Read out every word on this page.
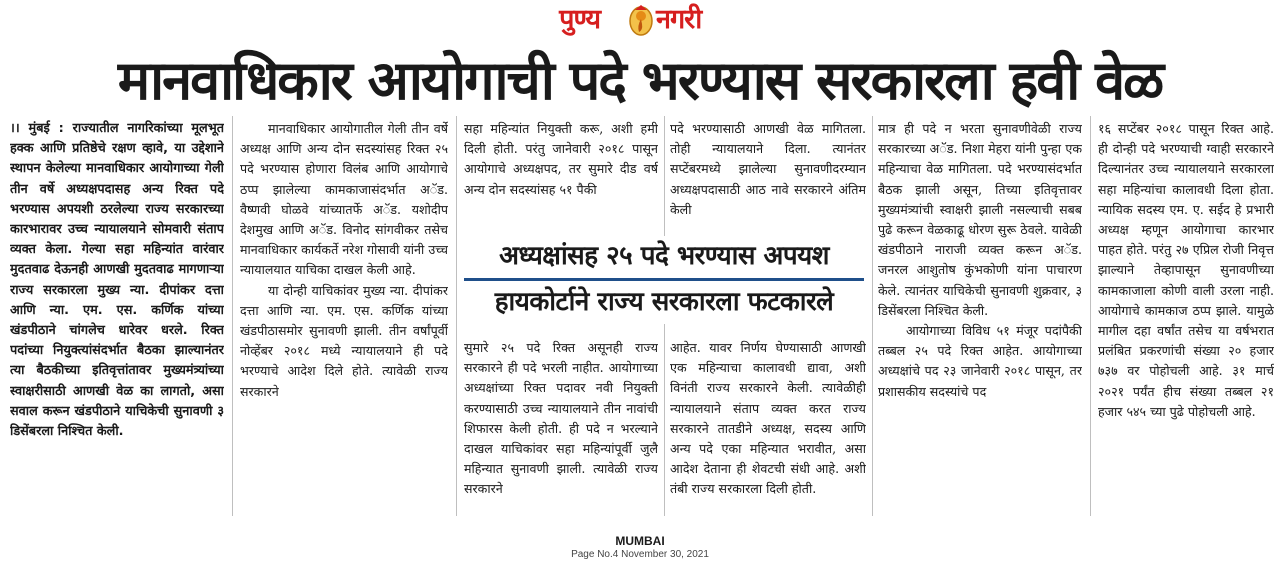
पुण्य नगरी
मानवाधिकार आयोगाची पदे भरण्यास सरकारला हवी वेळ
।। मुंबई : राज्यातील नागरिकांच्या मूलभूत हक्क आणि प्रतिष्ठेचे रक्षण व्हावे, या उद्देशाने स्थापन केलेल्या मानवाधिकार आयोगाच्या गेली तीन वर्षे अध्यक्षपदासह अन्य रिक्त पदे भरण्यास अपयशी ठरलेल्या राज्य सरकारच्या कारभारावर उच्च न्यायालयाने सोमवारी संताप व्यक्त केला. गेल्या सहा महिन्यांत वारंवार मुदतवाढ देऊनही आणखी मुदतवाढ मागणाऱ्या राज्य सरकारला मुख्य न्या. दीपांकर दत्ता आणि न्या. एम. एस. कर्णिक यांच्या खंडपीठाने चांगलेच धारेवर धरले. रिक्त पदांच्या नियुक्त्यांसंदर्भात बैठका झाल्यानंतर त्या बैठकीच्या इतिवृत्तांतावर मुख्यमंत्र्यांच्या स्वाक्षरीसाठी आणखी वेळ का लागतो, असा सवाल करून खंडपीठाने याचिकेची सुनावणी ३ डिसेंबरला निश्चित केली.

मानवाधिकार आयोगातील गेली तीन वर्षे अध्यक्ष आणि अन्य दोन सदस्यांसह रिक्त २५ पदे भरण्यास होणारा विलंब आणि आयोगाचे ठप्प झालेल्या कामकाजासंदर्भात अॅड. वैष्णवी घोळवे यांच्यातर्फे अॅड. यशोदीप देशमुख आणि अॅड. विनोद सांगवीकर तसेच मानवाधिकार कार्यकर्ते नरेश गोसावी यांनी उच्च न्यायालयात याचिका दाखल केली आहे.

या दोन्ही याचिकांवर मुख्य न्या. दीपांकर दत्ता आणि न्या. एम. एस. कर्णिक यांच्या खंडपीठासमोर सुनावणी झाली. तीन वर्षांपूर्वी नोव्हेंबर २०१८ मध्ये न्यायालयाने ही पदे भरण्याचे आदेश दिले होते. त्यावेळी राज्य सरकारने

सहा महिन्यांत नियुक्ती करू, अशी हमी दिली होती. परंतु जानेवारी २०१८ पासून आयोगाचे अध्यक्षपद, तर सुमारे दीड वर्ष अन्य दोन सदस्यांसह ५१ पैकी
पदे भरण्यासाठी आणखी वेळ मागितला. तोही न्यायालयाने दिला. त्यानंतर सप्टेंबरमध्ये झालेल्या सुनावणीदरम्यान अध्यक्षपदासाठी आठ नावे सरकारने अंतिम केली
अध्यक्षांसह २५ पदे भरण्यास अपयश
हायकोर्टाने राज्य सरकारला फटकारले
सुमारे २५ पदे रिक्त असूनही राज्य सरकारने ही पदे भरली नाहीत. आयोगाच्या अध्यक्षांच्या रिक्त पदावर नवी नियुक्ती करण्यासाठी उच्च न्यायालयाने तीन नावांची शिफारस केली होती. ही पदे न भरल्याने दाखल याचिकांवर सहा महिन्यांपूर्वी जुलै महिन्यात सुनावणी झाली. त्यावेळी राज्य सरकारने
आहेत. यावर निर्णय घेण्यासाठी आणखी एक महिन्याचा कालावधी द्यावा, अशी विनंती राज्य सरकारने केली. त्यावेळीही न्यायालयाने संताप व्यक्त करत राज्य सरकारने तातडीने अध्यक्ष, सदस्य आणि अन्य पदे एका महिन्यात भरावीत, असा आदेश देताना ही शेवटची संधी आहे. अशी तंबी राज्य सरकारला दिली होती.

मात्र ही पदे न भरता सुनावणीवेळी राज्य सरकारच्या अॅड. निशा मेहरा यांनी पुन्हा एक महिन्याचा वेळ मागितला. पदे भरण्यासंदर्भात बैठक झाली असून, तिच्या इतिवृत्तावर मुख्यमंत्र्यांची स्वाक्षरी झाली नसल्याची सबब पुढे करून वेळकाढू धोरण सुरू ठेवले. यावेळी खंडपीठाने नाराजी व्यक्त करून अॅड. जनरल आशुतोष कुंभकोणी यांना पाचारण केले. त्यानंतर याचिकेची सुनावणी शुक्रवार, ३ डिसेंबरला निश्चित केली.

आयोगाच्या विविध ५१ मंजूर पदांपैकी तब्बल २५ पदे रिक्त आहेत. आयोगाच्या अध्यक्षांचे पद २३ जानेवारी २०१८ पासून, तर प्रशासकीय सदस्यांचे पद

१६ सप्टेंबर २०१८ पासून रिक्त आहे. ही दोन्ही पदे भरण्याची ग्वाही सरकारने दिल्यानंतर उच्च न्यायालयाने सरकारला सहा महिन्यांचा कालावधी दिला होता. न्यायिक सदस्य एम. ए. सईद हे प्रभारी अध्यक्ष म्हणून आयोगाचा कारभार पाहत होते. परंतु २७ एप्रिल रोजी निवृत्त झाल्याने तेव्हापासून सुनावणीच्या कामकाजाला कोणी वाली उरला नाही. आयोगाचे कामकाज ठप्प झाले. यामुळे मागील दहा वर्षांत तसेच या वर्षभरात प्रलंबित प्रकरणांची संख्या २० हजार ७३७ वर पोहोचली आहे. ३१ मार्च २०२१ पर्यंत हीच संख्या तब्बल २१ हजार ५४५ च्या पुढे पोहोचली आहे.
MUMBAI
Page No.4 November 30, 2021
